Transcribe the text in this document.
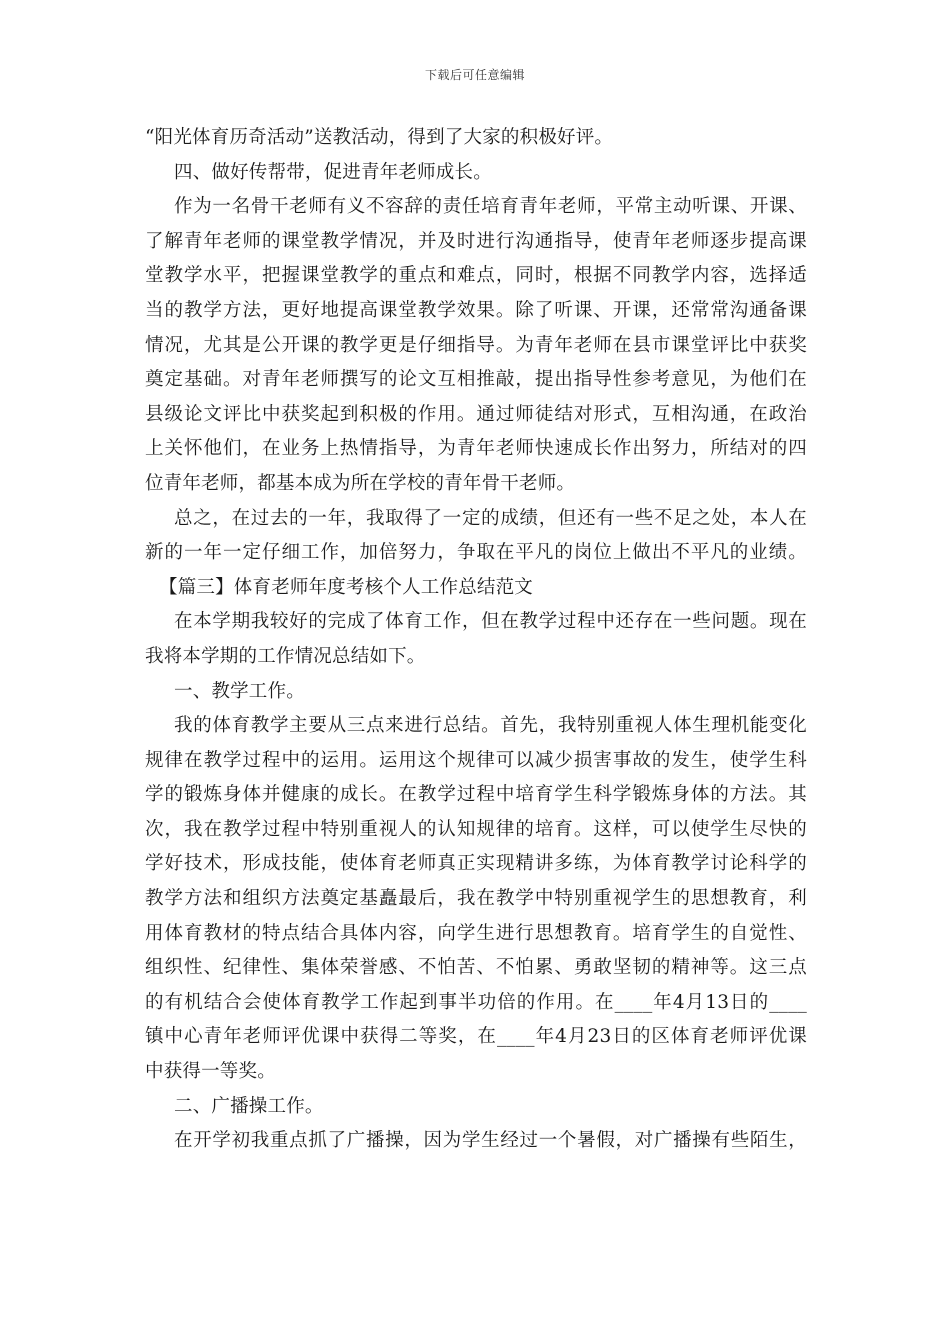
下载后可任意编辑
“阳光体育历奇活动”送教活动，得到了大家的积极好评。
四、做好传帮带，促进青年老师成长。
作为一名骨干老师有义不容辞的责任培育青年老师，平常主动听课、开课、
了解青年老师的课堂教学情况，并及时进行沟通指导，使青年老师逐步提高课
堂教学水平，把握课堂教学的重点和难点，同时，根据不同教学内容，选择适
当的教学方法，更好地提高课堂教学效果。除了听课、开课，还常常沟通备课
情况，尤其是公开课的教学更是仔细指导。为青年老师在县市课堂评比中获奖
奠定基础。对青年老师撰写的论文互相推敲，提出指导性参考意见，为他们在
县级论文评比中获奖起到积极的作用。通过师徒结对形式，互相沟通，在政治
上关怀他们，在业务上热情指导，为青年老师快速成长作出努力，所结对的四
位青年老师，都基本成为所在学校的青年骨干老师。
总之，在过去的一年，我取得了一定的成绩，但还有一些不足之处，本人在
新的一年一定仔细工作，加倍努力，争取在平凡的岗位上做出不平凡的业绩。
【篇三】体育老师年度考核个人工作总结范文
在本学期我较好的完成了体育工作，但在教学过程中还存在一些问题。现在
我将本学期的工作情况总结如下。
一、教学工作。
我的体育教学主要从三点来进行总结。首先，我特别重视人体生理机能变化
规律在教学过程中的运用。运用这个规律可以减少损害事故的发生，使学生科
学的锻炼身体并健康的成长。在教学过程中培育学生科学锻炼身体的方法。其
次，我在教学过程中特别重视人的认知规律的培育。这样，可以使学生尽快的
学好技术，形成技能，使体育老师真正实现精讲多练，为体育教学讨论科学的
教学方法和组织方法奠定基矗最后，我在教学中特别重视学生的思想教育，利
用体育教材的特点结合具体内容，向学生进行思想教育。培育学生的自觉性、
组织性、纪律性、集体荣誉感、不怕苦、不怕累、勇敢坚韧的精神等。这三点
的有机结合会使体育教学工作起到事半功倍的作用。在____年4月13日的____
镇中心青年老师评优课中获得二等奖，在____年4月23日的区体育老师评优课
中获得一等奖。
二、广播操工作。
在开学初我重点抓了广播操，因为学生经过一个暑假，对广播操有些陌生，
